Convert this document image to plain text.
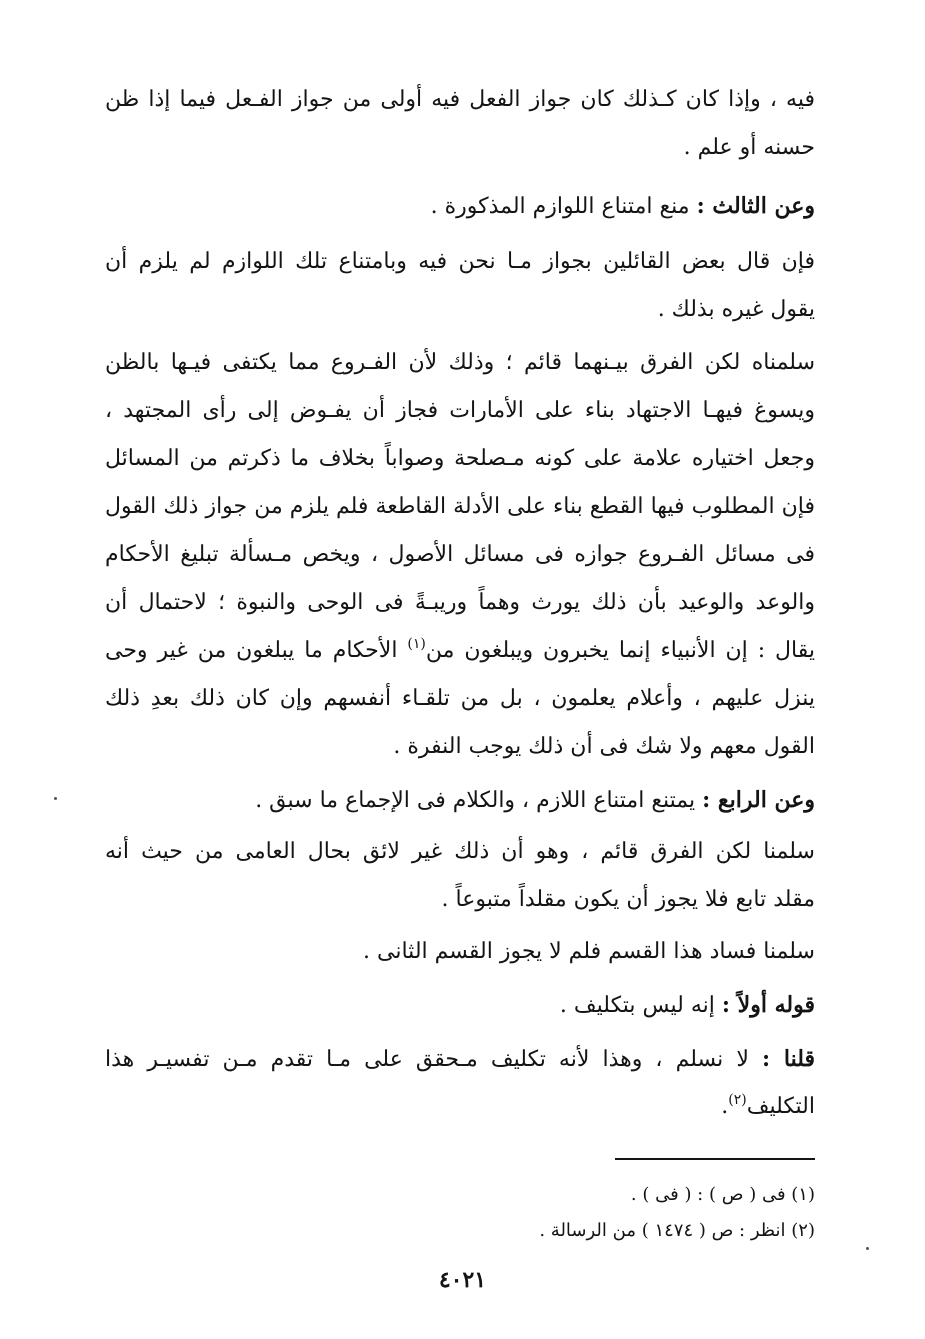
فيه ، وإذا كان كـذلك كان جواز الفعل فيه أولى من جواز الفـعل فيما إذا ظن
حسنه أو علم .
وعن الثالث : منع امتناع اللوازم المذكورة .
فإن قال بعض القائلين بجواز مـا نحن فيه وبامتناع تلك اللوازم لم يلزم أن
يقول غيره بذلك .
سلمناه لكن الفرق بيـنهما قائم ؛ وذلك لأن الفـروع مما يكتفى فيـها بالظن
ويسوغ فيهـا الاجتهاد بناء على الأمارات فجاز أن يفـوض إلى رأى المجتهد ،
وجعل اختياره علامة على كونه مـصلحة وصواباً بخلاف ما ذكرتم من المسائل
فإن المطلوب فيها القطع بناء على الأدلة القاطعة فلم يلزم من جواز ذلك القول
فى مسائل الفـروع جوازه فى مسائل الأصول ، ويخص مـسألة تبليغ الأحكام
والوعد والوعيد بأن ذلك يورث وهماً وريبـةً فى الوحى والنبوة ؛ لاحتمال أن
يقال : إن الأنبياء إنما يخبرون ويبلغون من$^{(١)}$ الأحكام ما يبلغون من غير وحى
ينزل عليهم ، وأعلام يعلمون ، بل من تلقـاء أنفسهم وإن كان ذلك بعدِ ذلك
القول معهم ولا شك فى أن ذلك يوجب النفرة .
وعن الرابع : يمتنع امتناع اللازم ، والكلام فى الإجماع ما سبق .
سلمنا لكن الفرق قائم ، وهو أن ذلك غير لائق بحال العامى من حيث أنه
مقلد تابع فلا يجوز أن يكون مقلداً متبوعاً .
سلمنا فساد هذا القسم فلم لا يجوز القسم الثانى .
قوله أولاً : إنه ليس بتكليف .
قلنا : لا نسلم ، وهذا لأنه تكليف مـحقق على مـا تقدم مـن تفسيـر هذا
التكليف$^{(٢)}$.
(١) فى ( ص ) : ( فى ) .
(٢) انظر : ص ( ١٤٧٤ ) من الرسالة .
٤٠٢١
